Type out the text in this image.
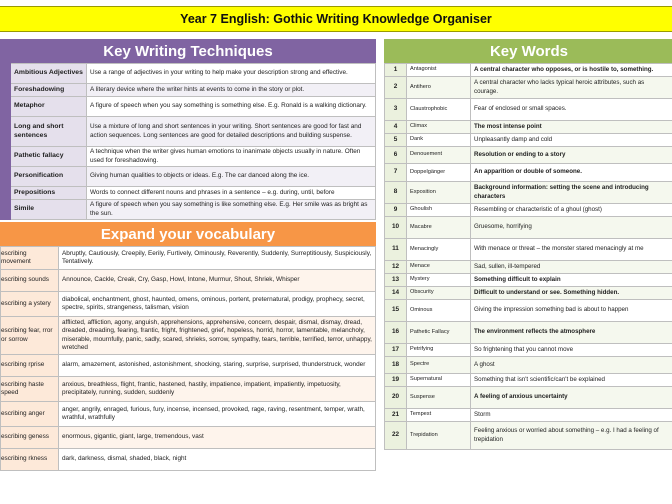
Year 7 English: Gothic Writing Knowledge Organiser
Key Writing Techniques
	Ambitious Adjectives	Use a range of adjectives in your writing to help make your description strong and effective.
	Foreshadowing	A literary device where the writer hints at events to come in the story or plot.
	Metaphor	A figure of speech when you say something is something else. E.g. Ronald is a walking dictionary.
	Long and short sentences	Use a mixture of long and short sentences in your writing. Short sentences are good for fast and action sequences. Long sentences are good for detailed descriptions and building suspense.
	Pathetic fallacy	A technique when the writer gives human emotions to inanimate objects usually in nature. Often used for foreshadowing.
	Personification	Giving human qualities to objects or ideas. E.g. The car danced along the ice.
	Prepositions	Words to connect different nouns and phrases in a sentence – e.g. during, until, before
	Simile	A figure of speech when you say something is like something else. E.g. Her smile was as bright as the sun.
Expand your vocabulary
escribing movement	Abruptly, Cautiously, Creepily, Eerily, Furtively, Ominously, Reverently, Suddenly, Surreptitiously, Suspiciously, Tentatively.
escribing sounds	Announce, Cackle, Creak, Cry, Gasp, Howl, Intone, Murmur, Shout, Shriek, Whisper
escribing a ystery	diabolical, enchantment, ghost, haunted, omens, ominous, portent, preternatural, prodigy, prophecy, secret, spectre, spirits, strangeness, talisman, vision
escribing fear, rror or sorrow	afflicted, affliction, agony, anguish, apprehensions, apprehensive, concern, despair, dismal, dismay, dread, dreaded, dreading, fearing, frantic, fright, frightened, grief, hopeless, horrid, horror, lamentable, melancholy, miserable, mournfully, panic, sadly, scared, shrieks, sorrow, sympathy, tears, terrible, terrified, terror, unhappy, wretched
escribing rprise	alarm, amazement, astonished, astonishment, shocking, staring, surprise, surprised, thunderstruck, wonder
escribing haste speed	anxious, breathless, flight, frantic, hastened, hastily, impatience, impatient, impatiently, impetuosity, precipitately, running, sudden, suddenly
escribing anger	anger, angrily, enraged, furious, fury, incense, incensed, provoked, rage, raving, resentment, temper, wrath, wrathful, wrathfully
escribing geness	enormous, gigantic, giant, large, tremendous, vast
escribing rkness	dark, darkness, dismal, shaded, black, night
Key Words
1	Antagonist	A central character who opposes, or is hostile to, something.
2	Antihero	A central character who lacks typical heroic attributes, such as courage.
3	Claustrophobic	Fear of enclosed or small spaces.
4	Climax	The most intense point
5	Dank	Unpleasantly damp and cold
6	Denouement	Resolution or ending to a story
7	Doppelgänger	An apparition or double of someone.
8	Exposition	Background information: setting the scene and introducing characters
9	Ghoulish	Resembling or characteristic of a ghoul (ghost)
10	Macabre	Gruesome, horrifying
11	Menacingly	With menace or threat – the monster stared menacingly at me
12	Menace	Sad, sullen, ill-tempered
13	Mystery	Something difficult to explain
14	Obscurity	Difficult to understand or see. Something hidden.
15	Ominous	Giving the impression something bad is about to happen
16	Pathetic Fallacy	The environment reflects the atmosphere
17	Petrifying	So frightening that you cannot move
18	Spectre	A ghost
19	Supernatural	Something that isn't scientific/can't be explained
20	Suspense	A feeling of anxious uncertainty
21	Tempest	Storm
22	Trepidation	Feeling anxious or worried about something – e.g. I had a feeling of trepidation
